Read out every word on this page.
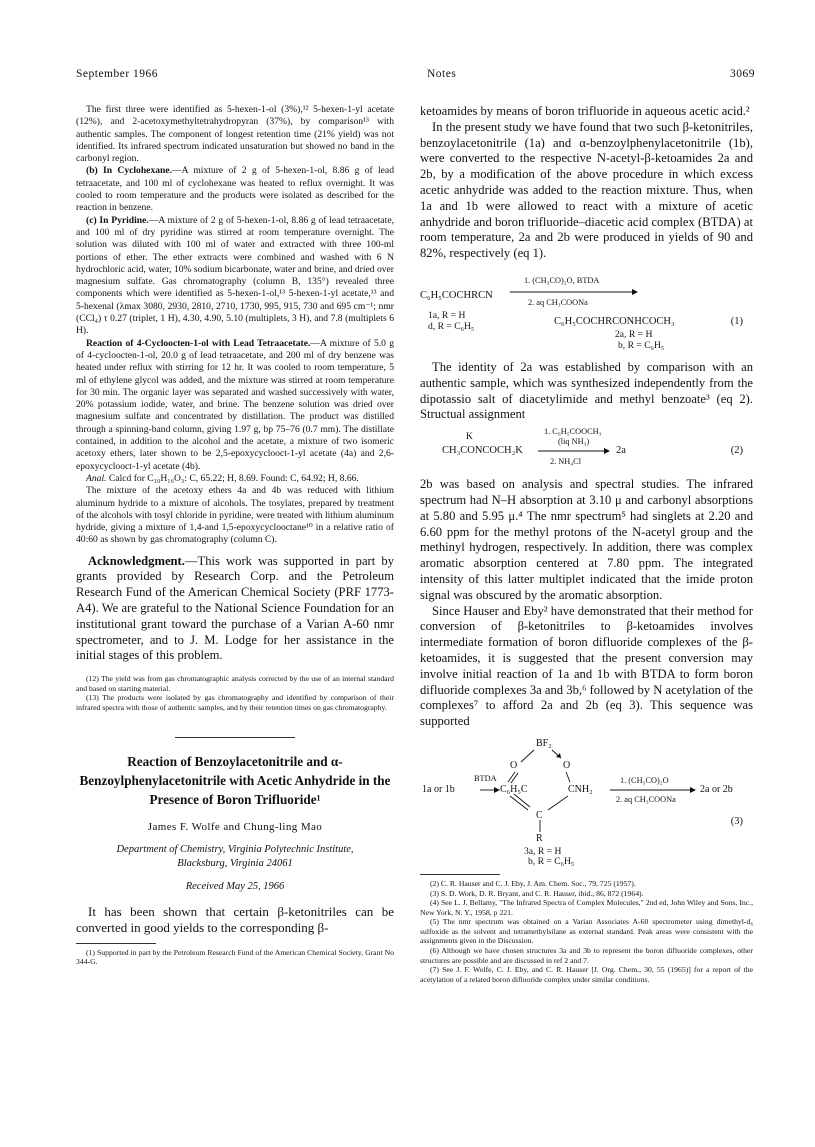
September 1966	Notes	3069

The first three were identified as 5-hexen-1-ol (3%),¹² 5-hexen-1-yl acetate (12%), and 2-acetoxymethyltetrahydropyran (37%), by comparison¹³ with authentic samples. The component of longest retention time (21% yield) was not identified. Its infrared spectrum indicated unsaturation but showed no band in the carbonyl region.

(b) In Cyclohexane.—A mixture of 2 g of 5-hexen-1-ol, 8.86 g of lead tetraacetate, and 100 ml of cyclohexane was heated to reflux overnight. It was cooled to room temperature and the products were isolated as described for the reaction in benzene.

(c) In Pyridine.—A mixture of 2 g of 5-hexen-1-ol, 8.86 g of lead tetraacetate, and 100 ml of dry pyridine was stirred at room temperature overnight. The solution was diluted with 100 ml of water and extracted with three 100-ml portions of ether. The ether extracts were combined and washed with 6 N hydrochloric acid, water, 10% sodium bicarbonate, water and brine, and dried over magnesium sulfate. Gas chromatography (column B, 135°) revealed three components which were identified as 5-hexen-1-ol,¹³ 5-hexen-1-yl acetate,¹³ and 5-hexenal (λmax 3080, 2930, 2810, 2710, 1730, 995, 915, 730 and 695 cm⁻¹; nmr (CCl₄) τ 0.27 (triplet, 1 H), 4.30, 4.90, 5.10 (multiplets, 3 H), and 7.8 (multiplets 6 H).

Reaction of 4-Cycloocten-1-ol with Lead Tetraacetate.—A mixture of 5.0 g of 4-cycloocten-1-ol, 20.0 g of lead tetraacetate, and 200 ml of dry benzene was heated under reflux with stirring for 12 hr. It was cooled to room temperature, 5 ml of ethylene glycol was added, and the mixture was stirred at room temperature for 30 min. The organic layer was separated and washed successively with water, 20% potassium iodide, water, and brine. The benzene solution was dried over magnesium sulfate and concentrated by distillation. The product was distilled through a spinning-band column, giving 1.97 g, bp 75–76 (0.7 mm). The distillate contained, in addition to the alcohol and the acetate, a mixture of two isomeric acetoxy ethers, later shown to be 2,5-epoxycyclooct-1-yl acetate (4a) and 2,6-epoxycyclooct-1-yl acetate (4b).

Anal. Calcd for C₁₀H₁₆O₃: C, 65.22; H, 8.69. Found: C, 64.92; H, 8.66.

The mixture of the acetoxy ethers 4a and 4b was reduced with lithium aluminum hydride to a mixture of alcohols. The tosylates, prepared by treatment of the alcohols with tosyl chloride in pyridine, were treated with lithium aluminum hydride, giving a mixture of 1,4-and 1,5-epoxycyclooctane¹⁰ in a relative ratio of 40:60 as shown by gas chromatography (column C).

Acknowledgment.—This work was supported in part by grants provided by Research Corp. and the Petroleum Research Fund of the American Chemical Society (PRF 1773-A4). We are grateful to the National Science Foundation for an institutional grant toward the purchase of a Varian A-60 nmr spectrometer, and to J. M. Lodge for her assistance in the initial stages of this problem.

(12) The yield was from gas chromatographic analysis corrected by the use of an internal standard and based on starting material.

(13) The products were isolated by gas chromatography and identified by comparison of their infrared spectra with those of authentic samples, and by their retention times on gas chromatography.

Reaction of Benzoylacetonitrile and α-Benzoylphenylacetonitrile with Acetic Anhydride in the Presence of Boron Trifluoride¹
James F. Wolfe and Chung-ling Mao
Department of Chemistry, Virginia Polytechnic Institute,
Blacksburg, Virginia 24061
Received May 25, 1966

It has been shown that certain β-ketonitriles can be converted in good yields to the corresponding β-

(1) Supported in part by the Petroleum Research Fund of the American Chemical Society, Grant No 344-G.

ketoamides by means of boron trifluoride in aqueous acetic acid.²

In the present study we have found that two such β-ketonitriles, benzoylacetonitrile (1a) and α-benzoylphenylacetonitrile (1b), were converted to the respective N-acetyl-β-ketoamides 2a and 2b, by a modification of the above procedure in which excess acetic anhydride was added to the reaction mixture. Thus, when 1a and 1b were allowed to react with a mixture of acetic anhydride and boron trifluoride–diacetic acid complex (BTDA) at room temperature, 2a and 2b were produced in yields of 90 and 82%, respectively (eq 1).

C₆H₅COCHRCN
1. (CH₃CO)₂O, BTDA
2. aq CH₃COONa
1a, R = H
d, R = C₆H₅	C₆H₅COCHRCONHCOCH₃	(1)
2a, R = H
b, R = C₆H₅

The identity of 2a was established by comparison with an authentic sample, which was synthesized independently from the dipotassio salt of diacetylimide and methyl benzoate³ (eq 2). Structual assignment

K
CH₃CONCOCH₂K
1. C₆H₅COOCH₃
(liq NH₃)
2. NH₄Cl
2a	(2)

2b was based on analysis and spectral studies. The infrared spectrum had N–H absorption at 3.10 μ and carbonyl absorptions at 5.80 and 5.95 μ.⁴ The nmr spectrum⁵ had singlets at 2.20 and 6.60 ppm for the methyl protons of the N-acetyl group and the methinyl hydrogen, respectively. In addition, there was complex aromatic absorption centered at 7.80 ppm. The integrated intensity of this latter multiplet indicated that the imide proton signal was obscured by the aromatic absorption.

Since Hauser and Eby² have demonstrated that their method for conversion of β-ketonitriles to β-ketoamides involves intermediate formation of boron difluoride complexes of the β-ketoamides, it is suggested that the present conversion may involve initial reaction of 1a and 1b with BTDA to form boron difluoride complexes 3a and 3b,⁶ followed by N acetylation of the complexes⁷ to afford 2a and 2b (eq 3). This sequence was supported

BF₂
O	O
1a or 1b
BTDA
C₆H₅C	CNH₂
1. (CH₃CO)₂O
2. aq CH₃COONa
2a or 2b
C
R
(3)
3a, R = H
b, R = C₆H₅

(2) C. R. Hauser and C. J. Eby, J. Am. Chem. Soc., 79, 725 (1957).

(3) S. D. Work, D. R. Bryant, and C. R. Hauser, ibid., 86, 872 (1964).

(4) See L. J. Bellamy, "The Infrared Spectra of Complex Molecules," 2nd ed, John Wiley and Sons, Inc., New York, N. Y., 1958, p 221.

(5) The nmr spectrum was obtained on a Varian Associates A-60 spectrometer using dimethyl-d₆ sulfoxide as the solvent and tetramethylsilane as external standard. Peak areas were consistent with the assignments given in the Discussion.

(6) Although we have chosen structures 3a and 3b to represent the boron difluoride complexes, other structures are possible and are discussed in ref 2 and 7.

(7) See J. F. Wolfe, C. J. Eby, and C. R. Hauser [J. Org. Chem., 30, 55 (1965)] for a report of the acetylation of a related boron difluoride complex under similar conditions.
